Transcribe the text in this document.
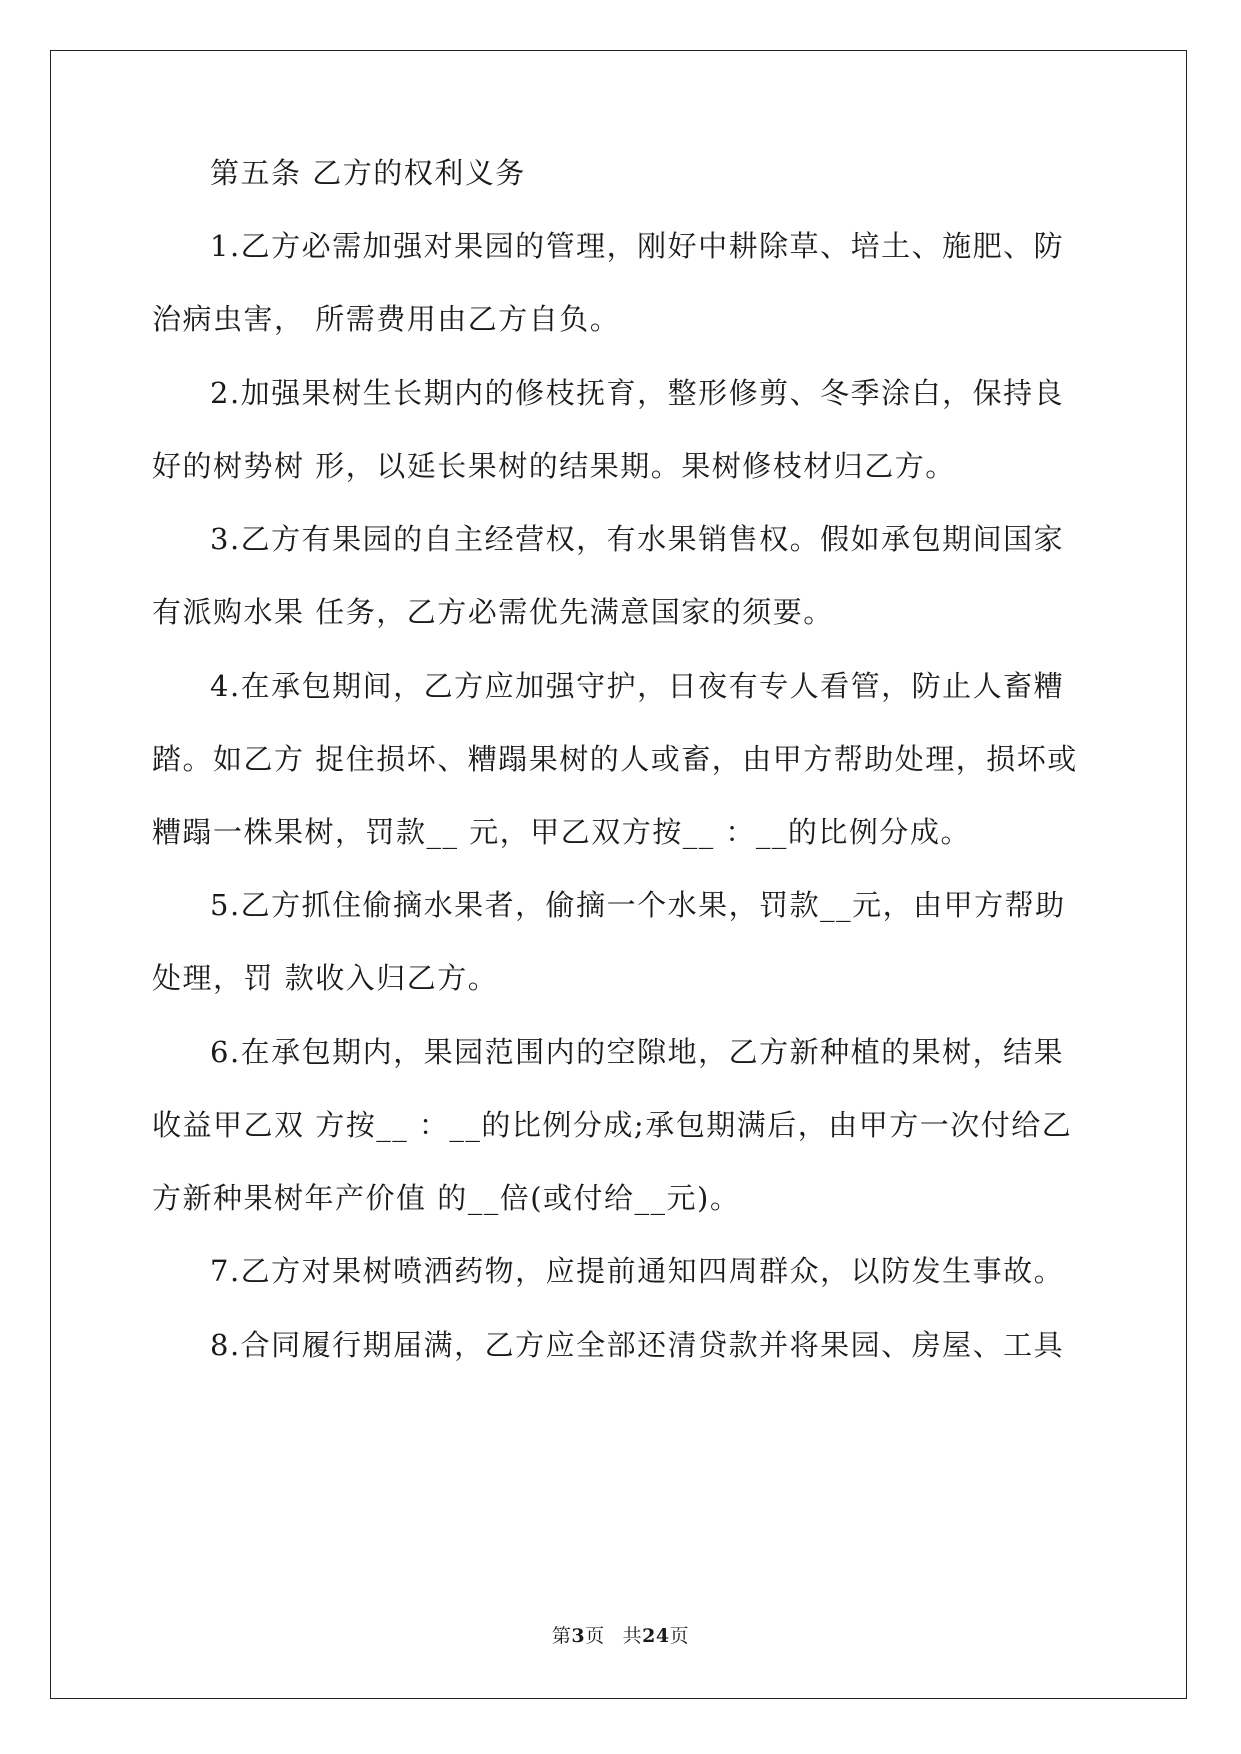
第五条 乙方的权利义务
1.乙方必需加强对果园的管理，刚好中耕除草、培土、施肥、防
治病虫害， 所需费用由乙方自负。
2.加强果树生长期内的修枝抚育，整形修剪、冬季涂白，保持良
好的树势树 形，以延长果树的结果期。果树修枝材归乙方。
3.乙方有果园的自主经营权，有水果销售权。假如承包期间国家
有派购水果 任务，乙方必需优先满意国家的须要。
4.在承包期间，乙方应加强守护，日夜有专人看管，防止人畜糟
踏。如乙方 捉住损坏、糟蹋果树的人或畜，由甲方帮助处理，损坏或
糟蹋一株果树，罚款__ 元，甲乙双方按__ ：__的比例分成。
5.乙方抓住偷摘水果者，偷摘一个水果，罚款__元，由甲方帮助
处理，罚 款收入归乙方。
6.在承包期内，果园范围内的空隙地，乙方新种植的果树，结果
收益甲乙双 方按__ ：__的比例分成;承包期满后，由甲方一次付给乙
方新种果树年产价值 的__倍(或付给__元)。
7.乙方对果树喷洒药物，应提前通知四周群众，以防发生事故。
8.合同履行期届满，乙方应全部还清贷款并将果园、房屋、工具
第3页 共24页
